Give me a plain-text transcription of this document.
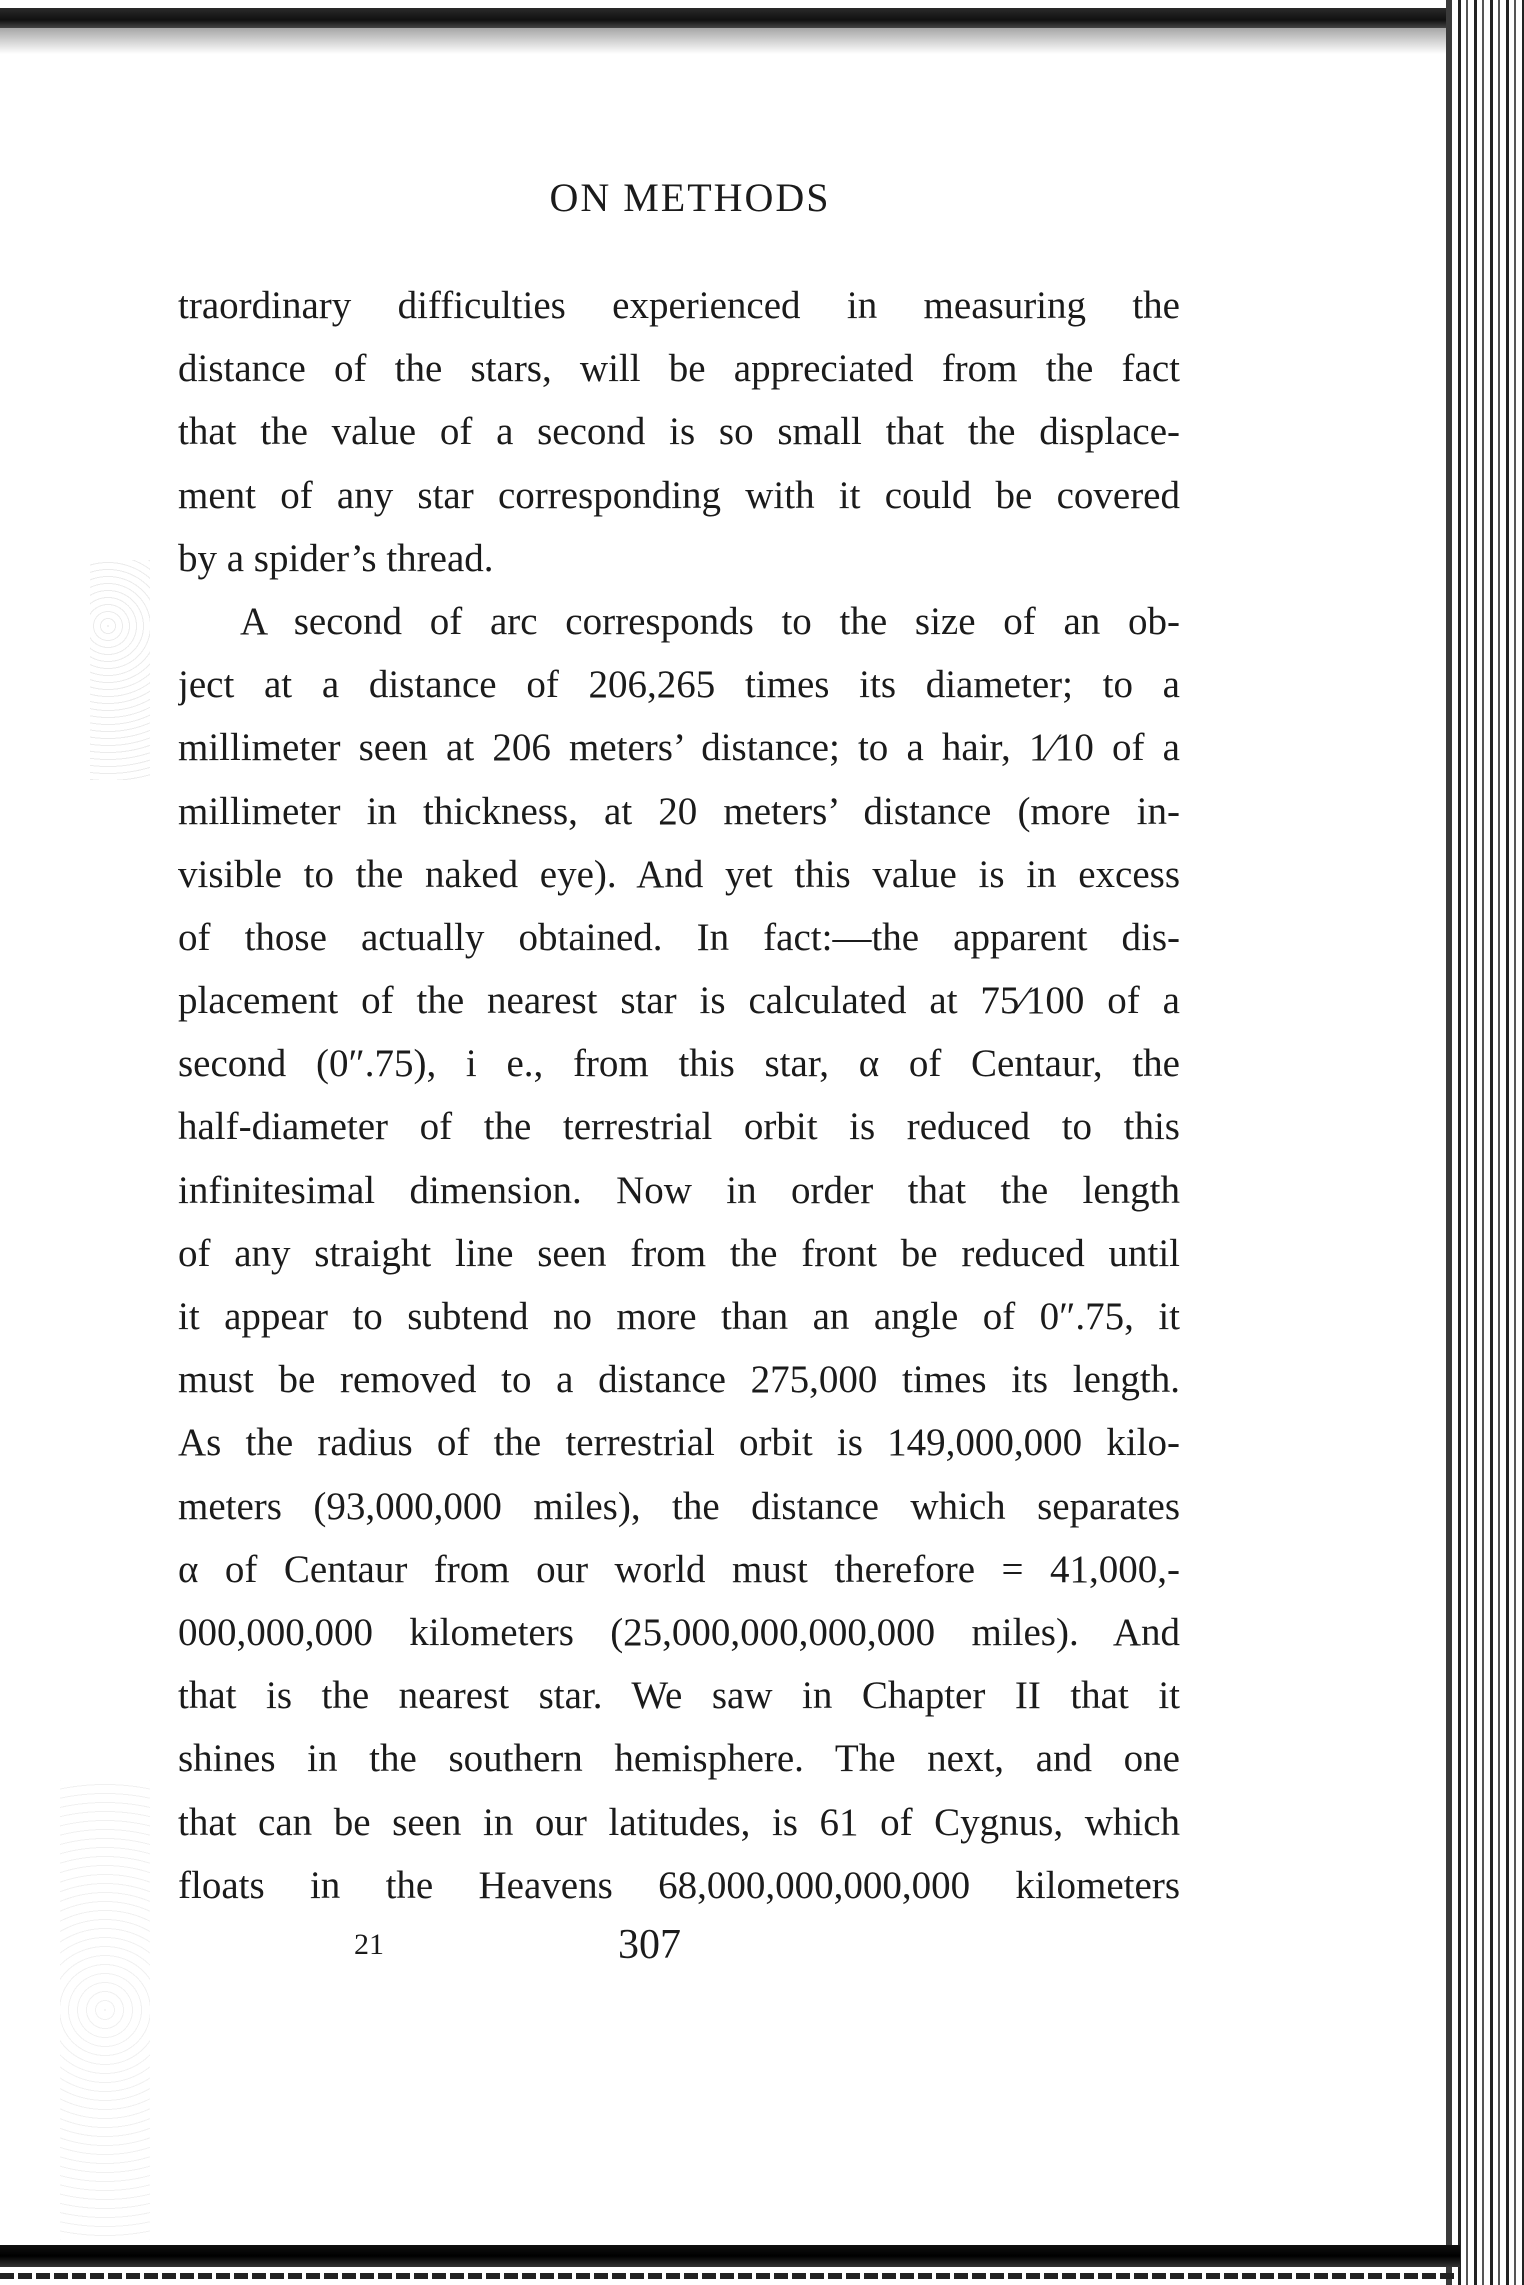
ON METHODS
traordinary difficulties experienced in measuring the
distance of the stars, will be appreciated from the fact
that the value of a second is so small that the displace-
ment of any star corresponding with it could be covered
by a spider’s thread.
A second of arc corresponds to the size of an ob-
ject at a distance of 206,265 times its diameter; to a
millimeter seen at 206 meters’ distance; to a hair, 1⁄10 of a
millimeter in thickness, at 20 meters’ distance (more in-
visible to the naked eye). And yet this value is in excess
of those actually obtained. In fact:—the apparent dis-
placement of the nearest star is calculated at 75⁄100 of a
second (0″.75), i e., from this star, α of Centaur, the
half-diameter of the terrestrial orbit is reduced to this
infinitesimal dimension. Now in order that the length
of any straight line seen from the front be reduced until
it appear to subtend no more than an angle of 0″.75, it
must be removed to a distance 275,000 times its length.
As the radius of the terrestrial orbit is 149,000,000 kilo-
meters (93,000,000 miles), the distance which separates
α of Centaur from our world must therefore = 41,000,-
000,000,000 kilometers (25,000,000,000,000 miles). And
that is the nearest star. We saw in Chapter II that it
shines in the southern hemisphere. The next, and one
that can be seen in our latitudes, is 61 of Cygnus, which
floats in the Heavens 68,000,000,000,000 kilometers
21	307
